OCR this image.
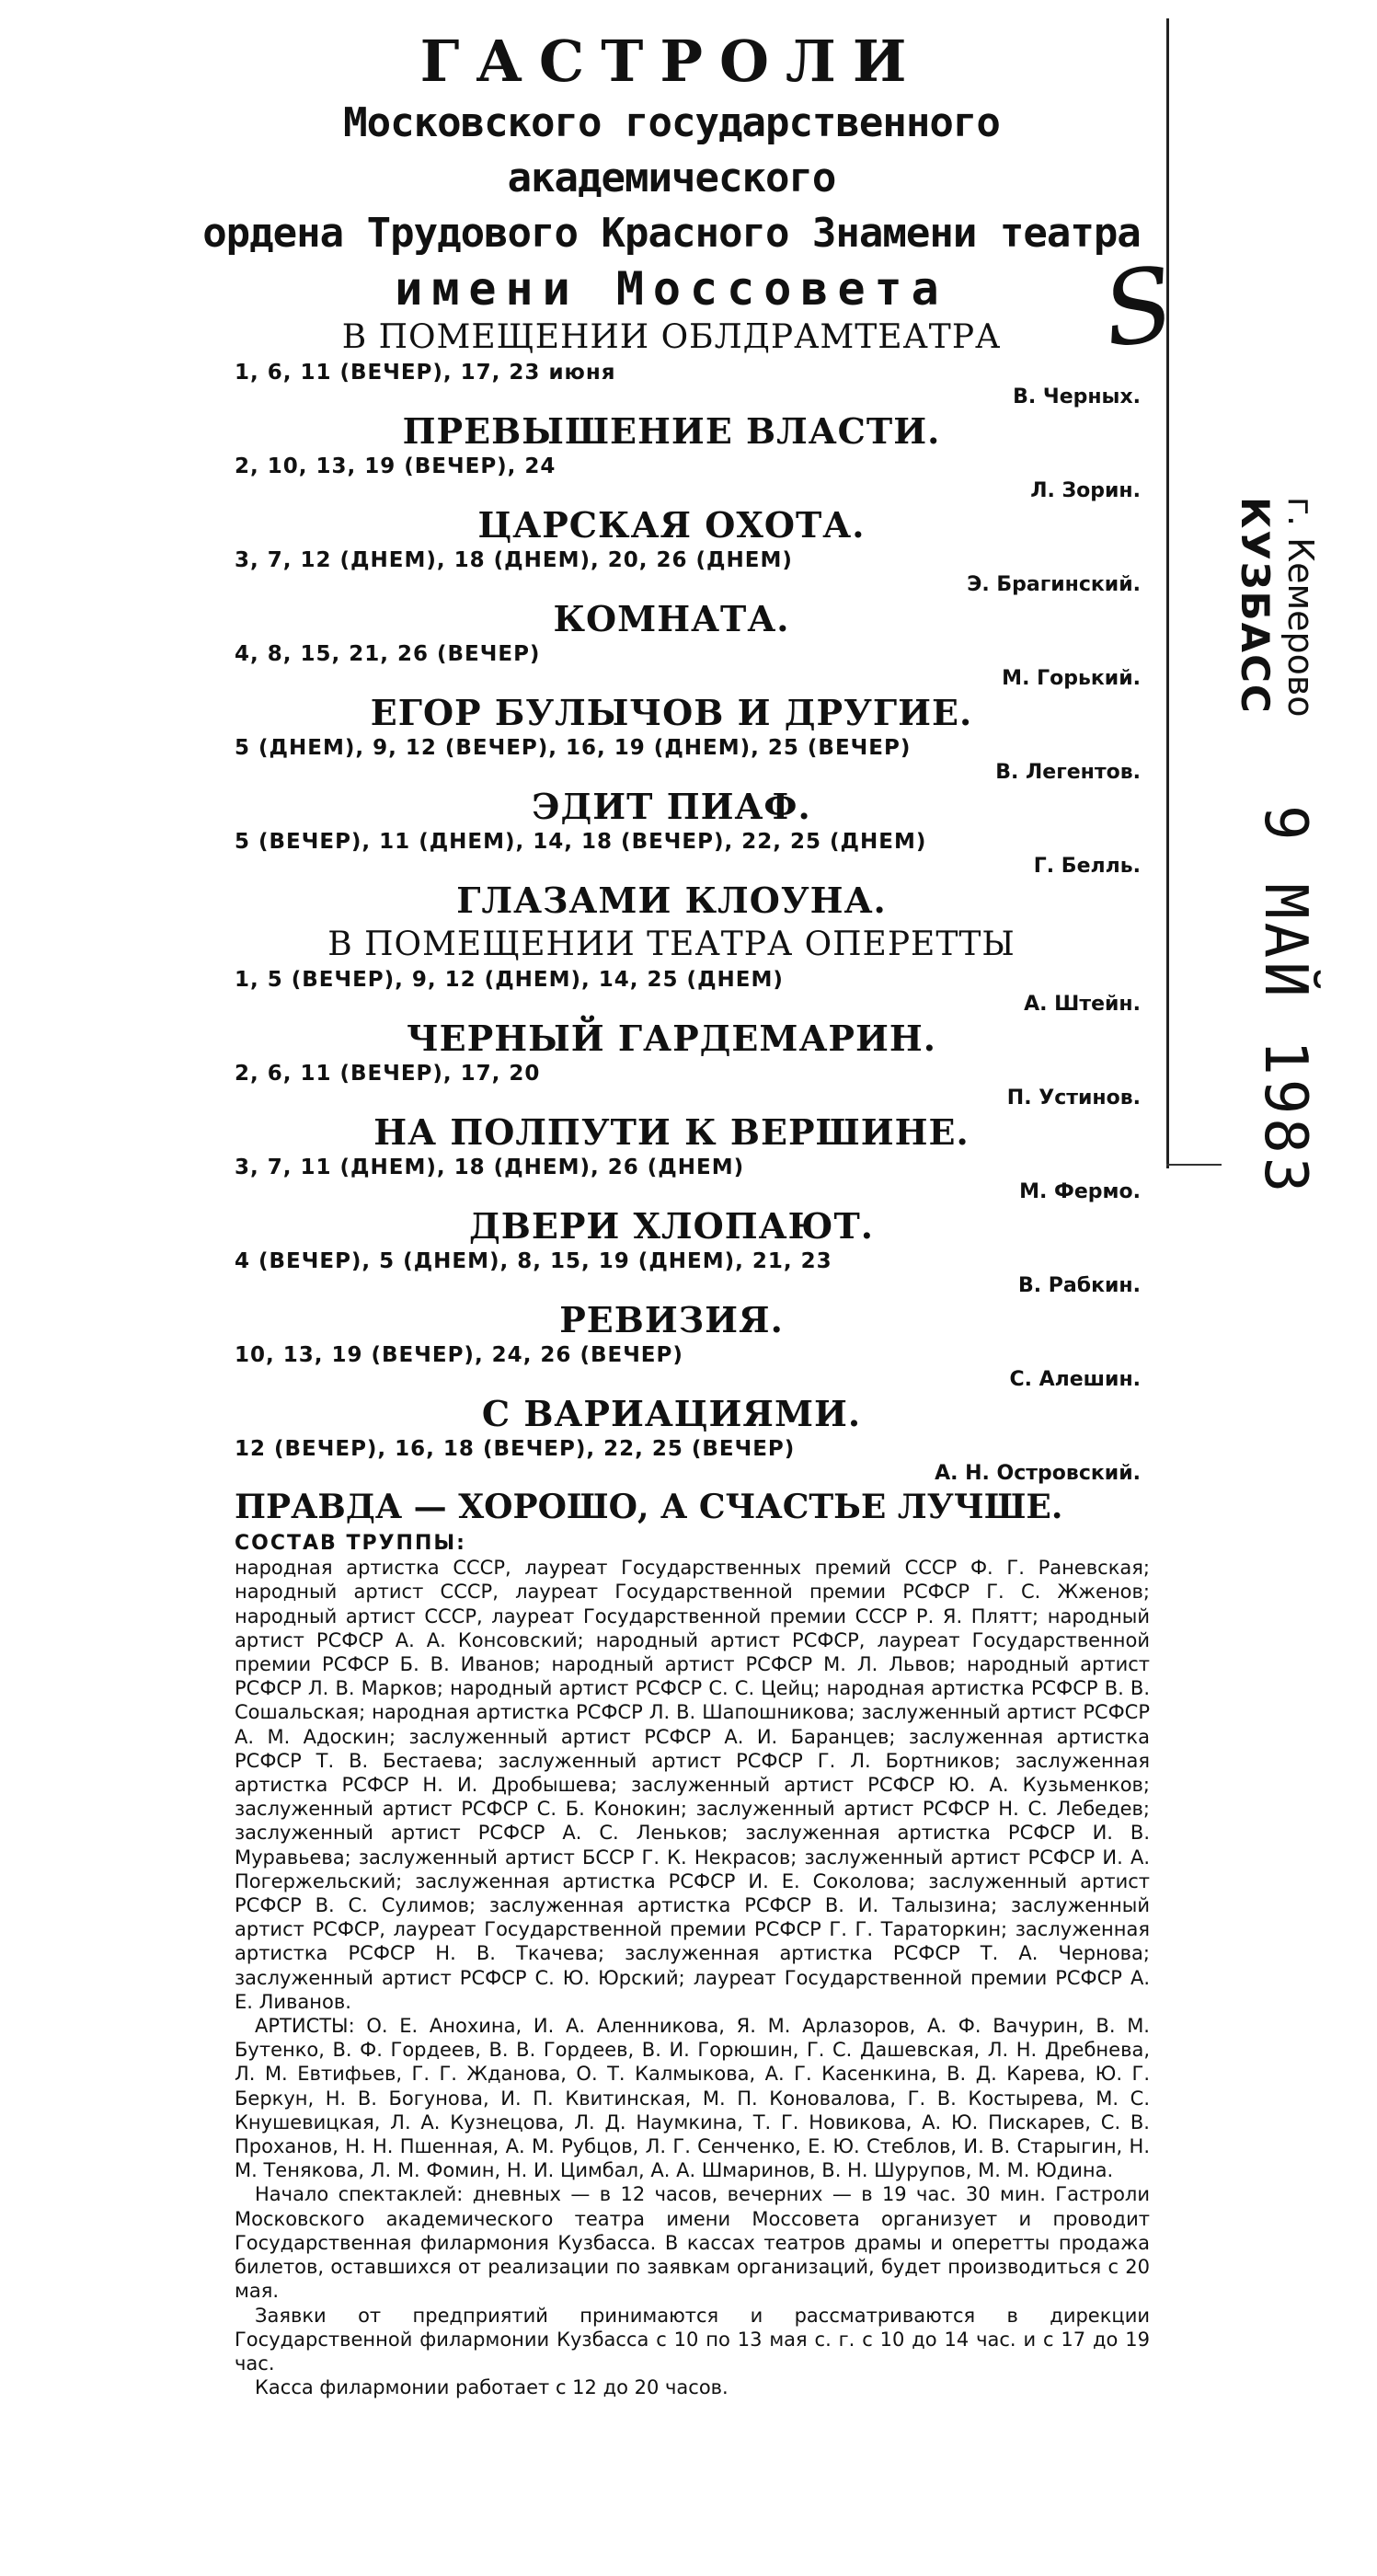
ГАСТРОЛИ
Московского государственного академического
ордена Трудового Красного Знамени театра
имени Моссовета
В ПОМЕЩЕНИИ ОБЛДРАМТЕАТРА
1, 6, 11 (ВЕЧЕР), 17, 23 июня
В. Черных.
ПРЕВЫШЕНИЕ ВЛАСТИ.
2, 10, 13, 19 (ВЕЧЕР), 24
Л. Зорин.
ЦАРСКАЯ ОХОТА.
3, 7, 12 (ДНЕМ), 18 (ДНЕМ), 20, 26 (ДНЕМ)
Э. Брагинский.
КОМНАТА.
4, 8, 15, 21, 26 (ВЕЧЕР)
М. Горький.
ЕГОР БУЛЫЧОВ И ДРУГИЕ.
5 (ДНЕМ), 9, 12 (ВЕЧЕР), 16, 19 (ДНЕМ), 25 (ВЕЧЕР)
В. Легентов.
ЭДИТ ПИАФ.
5 (ВЕЧЕР), 11 (ДНЕМ), 14, 18 (ВЕЧЕР), 22, 25 (ДНЕМ)
Г. Белль.
ГЛАЗАМИ КЛОУНА.
В ПОМЕЩЕНИИ ТЕАТРА ОПЕРЕТТЫ
1, 5 (ВЕЧЕР), 9, 12 (ДНЕМ), 14, 25 (ДНЕМ)
А. Штейн.
ЧЕРНЫЙ ГАРДЕМАРИН.
2, 6, 11 (ВЕЧЕР), 17, 20
П. Устинов.
НА ПОЛПУТИ К ВЕРШИНЕ.
3, 7, 11 (ДНЕМ), 18 (ДНЕМ), 26 (ДНЕМ)
М. Фермо.
ДВЕРИ ХЛОПАЮТ.
4 (ВЕЧЕР), 5 (ДНЕМ), 8, 15, 19 (ДНЕМ), 21, 23
В. Рабкин.
РЕВИЗИЯ.
10, 13, 19 (ВЕЧЕР), 24, 26 (ВЕЧЕР)
С. Алешин.
С ВАРИАЦИЯМИ.
12 (ВЕЧЕР), 16, 18 (ВЕЧЕР), 22, 25 (ВЕЧЕР)
А. Н. Островский.
ПРАВДА — ХОРОШО, А СЧАСТЬЕ ЛУЧШЕ.

СОСТАВ ТРУППЫ:

народная артистка СССР, лауреат Государственных премий СССР Ф. Г. Раневская; народный артист СССР, лауреат Государственной премии РСФСР Г. С. Жженов; народный артист СССР, лауреат Государственной премии СССР Р. Я. Плятт; народный артист РСФСР А. А. Консовский; народный артист РСФСР, лауреат Государственной премии РСФСР Б. В. Иванов; народный артист РСФСР М. Л. Львов; народный артист РСФСР Л. В. Марков; народный артист РСФСР С. С. Цейц; народная артистка РСФСР В. В. Сошальская; народная артистка РСФСР Л. В. Шапошникова; заслуженный артист РСФСР А. М. Адоскин; заслуженный артист РСФСР А. И. Баранцев; заслуженная артистка РСФСР Т. В. Бестаева; заслуженный артист РСФСР Г. Л. Бортников; заслуженная артистка РСФСР Н. И. Дробышева; заслуженный артист РСФСР Ю. А. Кузьменков; заслуженный артист РСФСР С. Б. Конокин; заслуженный артист РСФСР Н. С. Лебедев; заслуженный артист РСФСР А. С. Леньков; заслуженная артистка РСФСР И. В. Муравьева; заслуженный артист БССР Г. К. Некрасов; заслуженный артист РСФСР И. А. Погержельский; заслуженная артистка РСФСР И. Е. Соколова; заслуженный артист РСФСР В. С. Сулимов; заслуженная артистка РСФСР В. И. Талызина; заслуженный артист РСФСР, лауреат Государственной премии РСФСР Г. Г. Тараторкин; заслуженная артистка РСФСР Н. В. Ткачева; заслуженная артистка РСФСР Т. А. Чернова; заслуженный артист РСФСР С. Ю. Юрский; лауреат Государственной премии РСФСР А. Е. Ливанов.

АРТИСТЫ: О. Е. Анохина, И. А. Аленникова, Я. М. Арлазоров, А. Ф. Вачурин, В. М. Бутенко, В. Ф. Гордеев, В. В. Гордеев, В. И. Горюшин, Г. С. Дашевская, Л. Н. Дребнева, Л. М. Евтифьев, Г. Г. Жданова, О. Т. Калмыкова, А. Г. Касенкина, В. Д. Карева, Ю. Г. Беркун, Н. В. Богунова, И. П. Квитинская, М. П. Коновалова, Г. В. Костырева, М. С. Кнушевицкая, Л. А. Кузнецова, Л. Д. Наумкина, Т. Г. Новикова, А. Ю. Пискарев, С. В. Проханов, Н. Н. Пшенная, А. М. Рубцов, Л. Г. Сенченко, Е. Ю. Стеблов, И. В. Старыгин, Н. М. Тенякова, Л. М. Фомин, Н. И. Цимбал, А. А. Шмаринов, В. Н. Шурупов, М. М. Юдина.

Начало спектаклей: дневных — в 12 часов, вечерних — в 19 час. 30 мин. Гастроли Московского академического театра имени Моссовета организует и проводит Государственная филармония Кузбасса. В кассах театров драмы и оперетты продажа билетов, оставшихся от реализации по заявкам организаций, будет производиться с 20 мая.

Заявки от предприятий принимаются и рассматриваются в дирекции Государственной филармонии Кузбасса с 10 по 13 мая с. г. с 10 до 14 час. и с 17 до 19 час.

Касса филармонии работает с 12 до 20 часов.

S
КУЗБАСС г. Кемерово
9 МАЙ 1983
